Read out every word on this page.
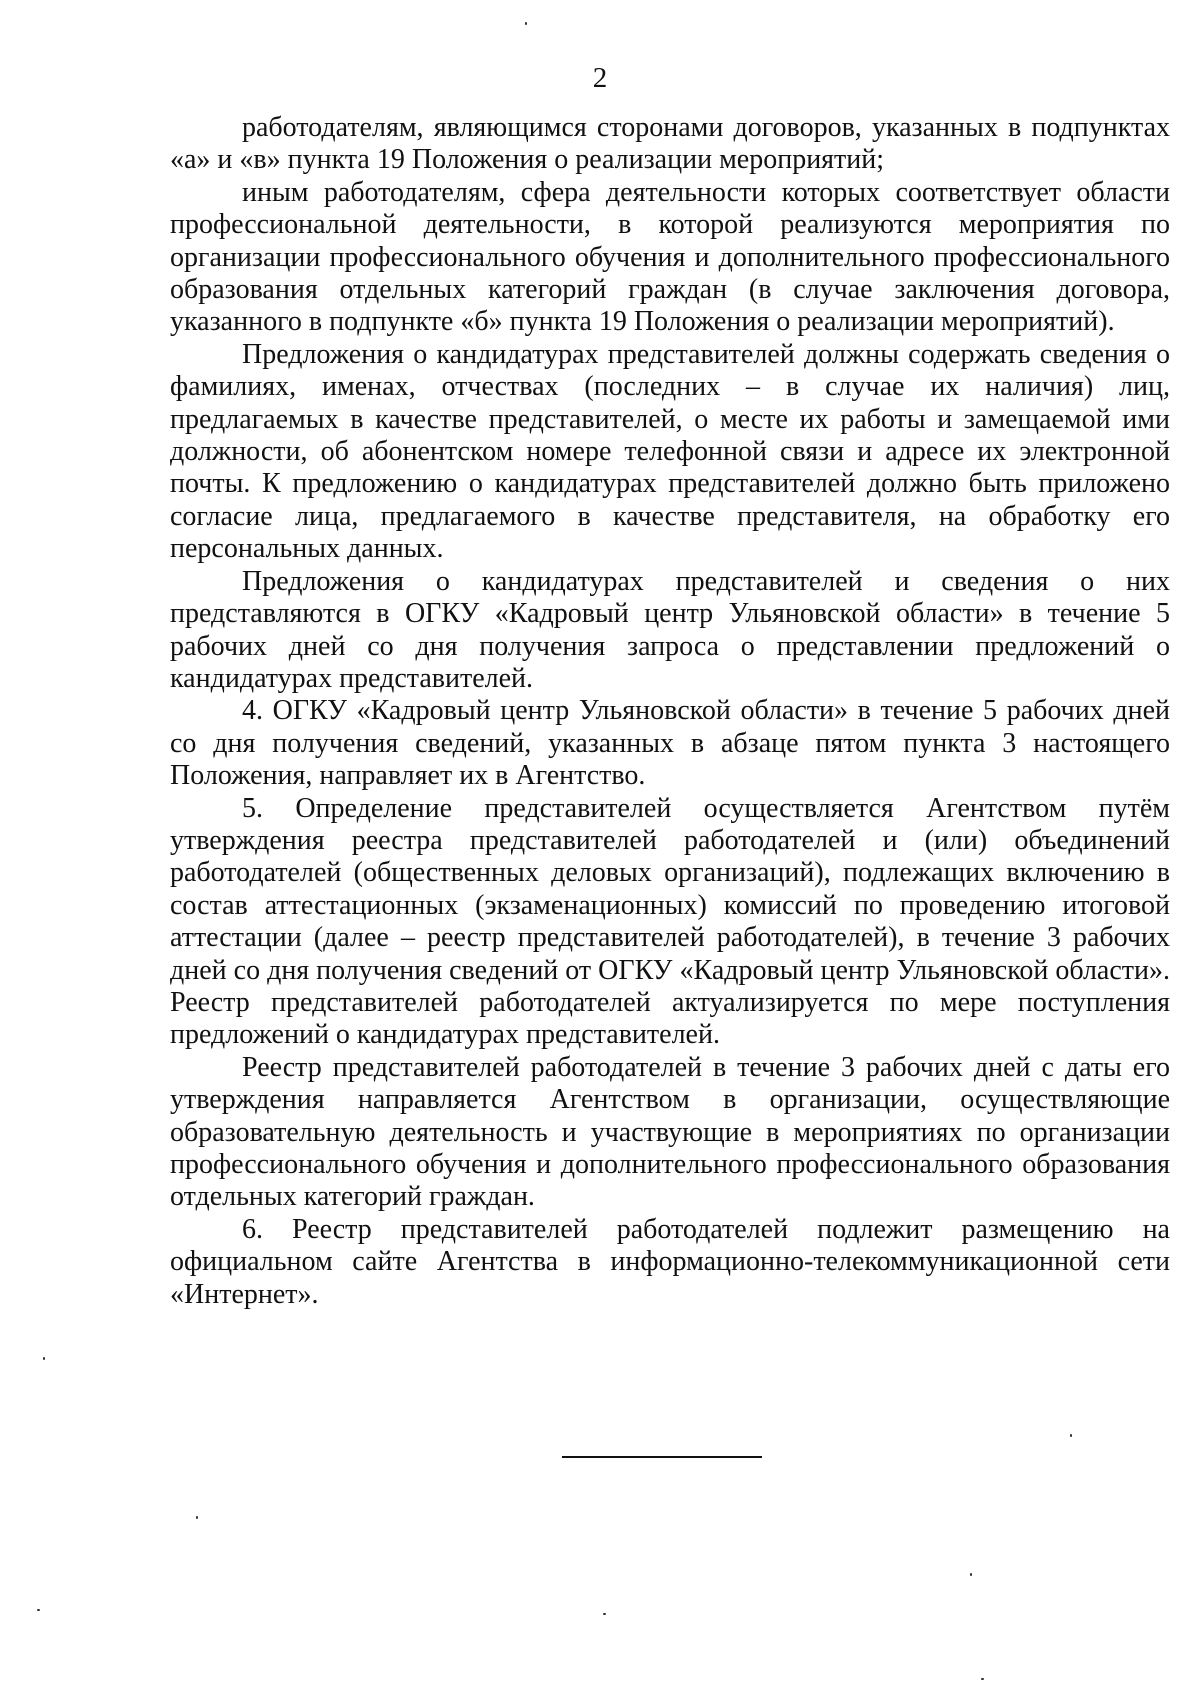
2

работодателям, являющимся сторонами договоров, указанных в подпунктах «а» и «в» пункта 19 Положения о реализации мероприятий;

иным работодателям, сфера деятельности которых соответствует области профессиональной деятельности, в которой реализуются мероприятия по организации профессионального обучения и дополнительного профессионального образования отдельных категорий граждан (в случае заключения договора, указанного в подпункте «б» пункта 19 Положения о реализации мероприятий).

Предложения о кандидатурах представителей должны содержать сведения о фамилиях, именах, отчествах (последних – в случае их наличия) лиц, предлагаемых в качестве представителей, о месте их работы и замещаемой ими должности, об абонентском номере телефонной связи и адресе их электронной почты. К предложению о кандидатурах представителей должно быть приложено согласие лица, предлагаемого в качестве представителя, на обработку его персональных данных.

Предложения о кандидатурах представителей и сведения о них представляются в ОГКУ «Кадровый центр Ульяновской области» в течение 5 рабочих дней со дня получения запроса о представлении предложений о кандидатурах представителей.

4. ОГКУ «Кадровый центр Ульяновской области» в течение 5 рабочих дней со дня получения сведений, указанных в абзаце пятом пункта 3 настоящего Положения, направляет их в Агентство.

5. Определение представителей осуществляется Агентством путём утверждения реестра представителей работодателей и (или) объединений работодателей (общественных деловых организаций), подлежащих включению в состав аттестационных (экзаменационных) комиссий по проведению итоговой аттестации (далее – реестр представителей работодателей), в течение 3 рабочих дней со дня получения сведений от ОГКУ «Кадровый центр Ульяновской области». Реестр представителей работодателей актуализируется по мере поступления предложений о кандидатурах представителей.

Реестр представителей работодателей в течение 3 рабочих дней с даты его утверждения направляется Агентством в организации, осуществляющие образовательную деятельность и участвующие в мероприятиях по организации профессионального обучения и дополнительного профессионального образования отдельных категорий граждан.

6. Реестр представителей работодателей подлежит размещению на официальном сайте Агентства в информационно-телекоммуникационной сети «Интернет».
